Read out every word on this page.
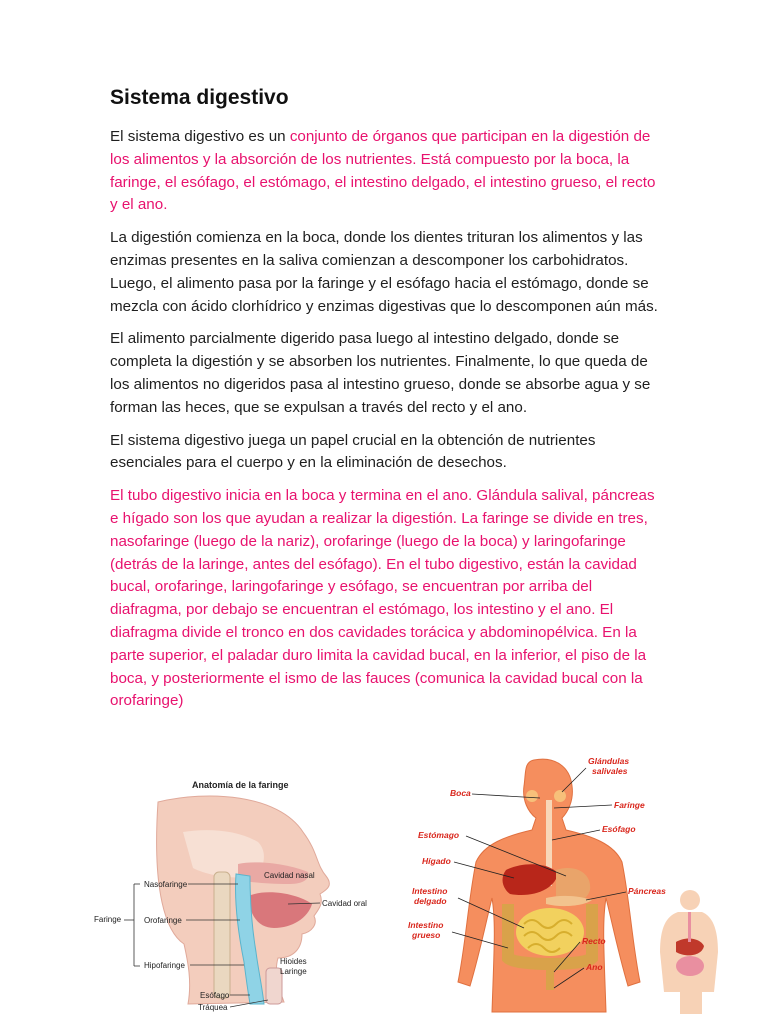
Sistema digestivo

El sistema digestivo es un conjunto de órganos que participan en la digestión de los alimentos y la absorción de los nutrientes. Está compuesto por la boca, la faringe, el esófago, el estómago, el intestino delgado, el intestino grueso, el recto y el ano.

La digestión comienza en la boca, donde los dientes trituran los alimentos y las enzimas presentes en la saliva comienzan a descomponer los carbohidratos. Luego, el alimento pasa por la faringe y el esófago hacia el estómago, donde se mezcla con ácido clorhídrico y enzimas digestivas que lo descomponen aún más.

El alimento parcialmente digerido pasa luego al intestino delgado, donde se completa la digestión y se absorben los nutrientes. Finalmente, lo que queda de los alimentos no digeridos pasa al intestino grueso, donde se absorbe agua y se forman las heces, que se expulsan a través del recto y el ano.

El sistema digestivo juega un papel crucial en la obtención de nutrientes esenciales para el cuerpo y en la eliminación de desechos.

El tubo digestivo inicia en la boca y termina en el ano. Glándula salival, páncreas e hígado son los que ayudan a realizar la digestión. La faringe se divide en tres, nasofaringe (luego de la nariz), orofaringe (luego de la boca) y laringofaringe (detrás de la laringe, antes del esófago). En el tubo digestivo, están la cavidad bucal, orofaringe, laringofaringe y esófago, se encuentran por arriba del diafragma, por debajo se encuentran el estómago, los intestino y el ano. El diafragma divide el tronco en dos cavidades torácica y abdominopélvica. En la parte superior, el paladar duro limita la cavidad bucal, en la inferior, el piso de la boca, y posteriormente el ismo de las fauces (comunica la cavidad bucal con la orofaringe)

Anatomía de la faringe
Faringe
Nasofaringe
Orofaringe
Hipofaringe
Esófago
Tráquea
Cavidad nasal
Cavidad oral
Hioides
Laringe
Glándulas
salivales
Boca
Faringe
Estómago
Esófago
Hígado
Intestino
delgado
Páncreas
Intestino
grueso
Recto
Ano
